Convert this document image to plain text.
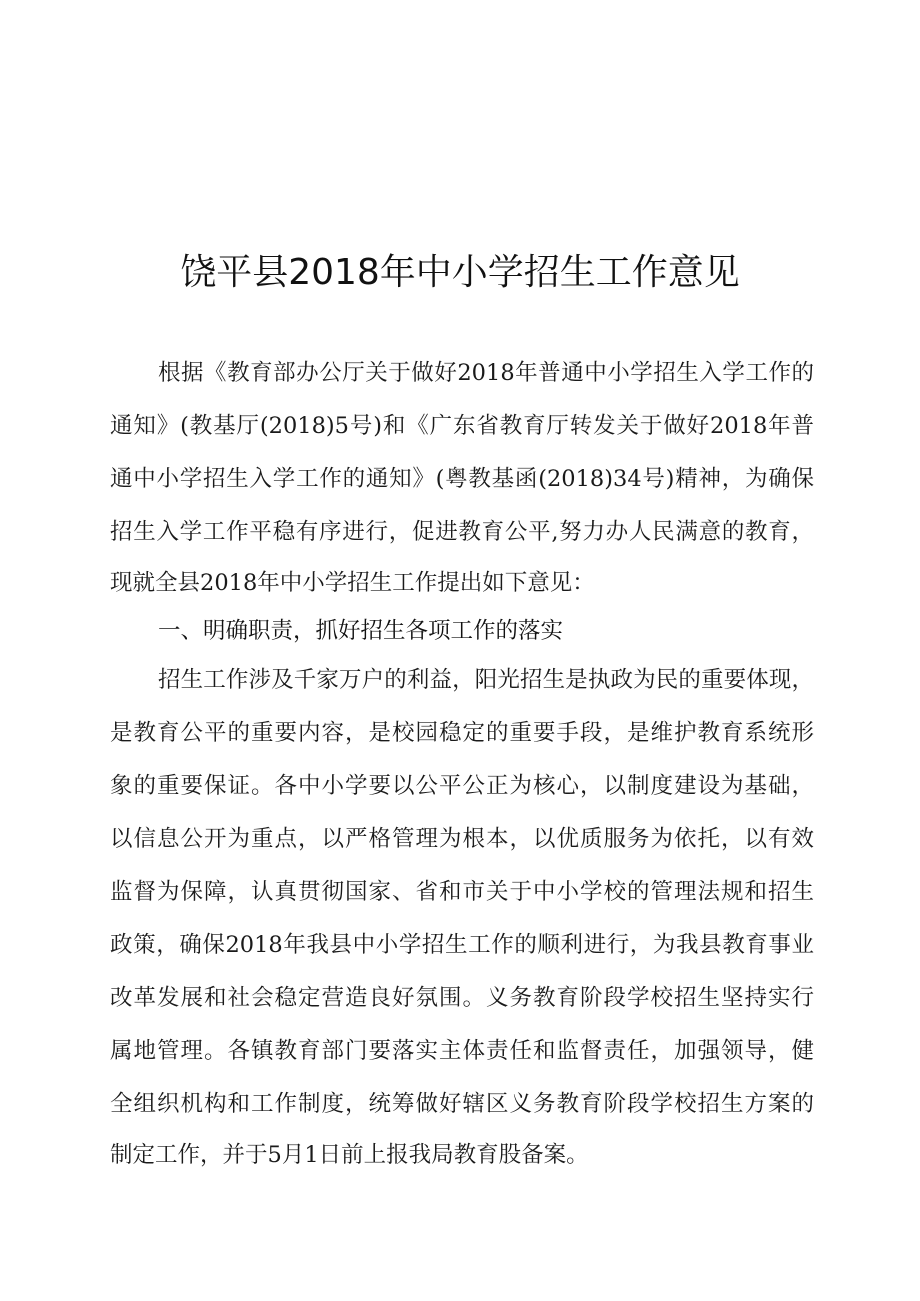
饶平县2018年中小学招生工作意见

根据《教育部办公厅关于做好2018年普通中小学招生入学工作的

通知》(教基厅(2018)5号)和《广东省教育厅转发关于做好2018年普

通中小学招生入学工作的通知》(粤教基函(2018)34号)精神，为确保

招生入学工作平稳有序进行，促进教育公平,努力办人民满意的教育，

现就全县2018年中小学招生工作提出如下意见：

一、明确职责，抓好招生各项工作的落实

招生工作涉及千家万户的利益，阳光招生是执政为民的重要体现，

是教育公平的重要内容，是校园稳定的重要手段，是维护教育系统形

象的重要保证。各中小学要以公平公正为核心，以制度建设为基础，

以信息公开为重点，以严格管理为根本，以优质服务为依托，以有效

监督为保障，认真贯彻国家、省和市关于中小学校的管理法规和招生

政策，确保2018年我县中小学招生工作的顺利进行，为我县教育事业

改革发展和社会稳定营造良好氛围。义务教育阶段学校招生坚持实行

属地管理。各镇教育部门要落实主体责任和监督责任，加强领导，健

全组织机构和工作制度，统筹做好辖区义务教育阶段学校招生方案的

制定工作，并于5月1日前上报我局教育股备案。
